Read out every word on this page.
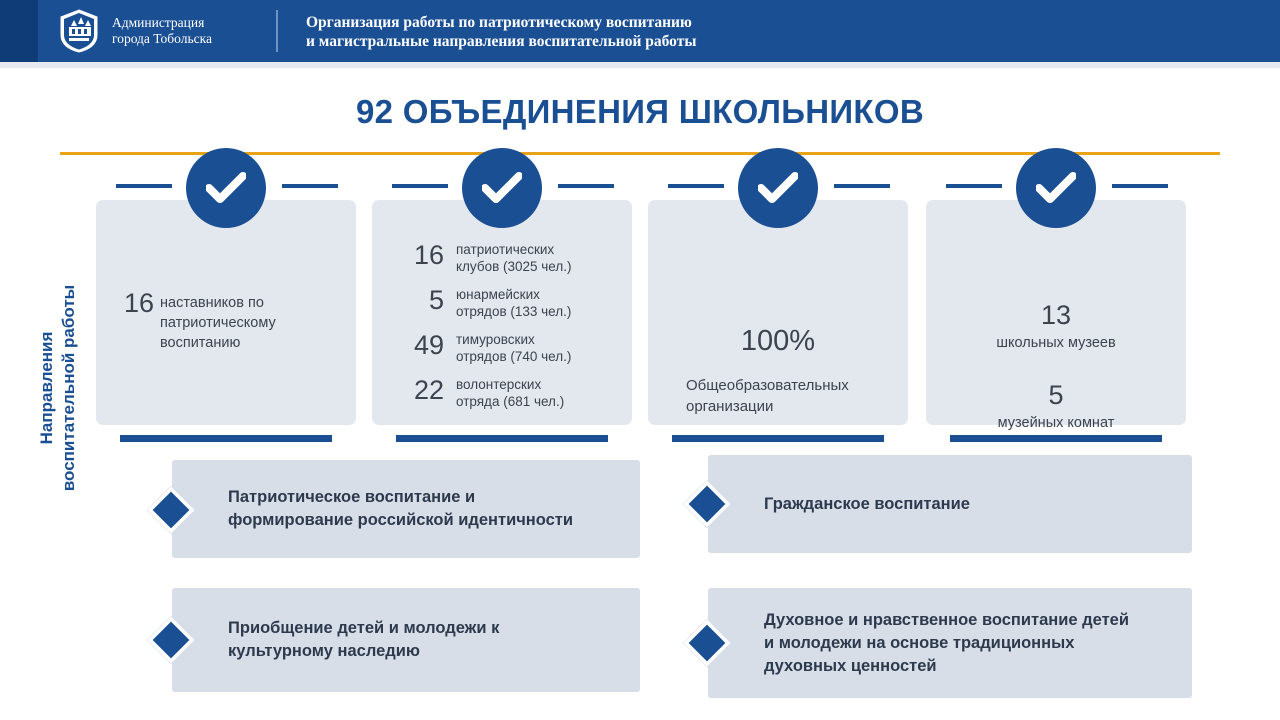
Администрация
города Тобольска
Организация работы по патриотическому воспитанию
и магистральные направления воспитательной работы
92 ОБЪЕДИНЕНИЯ ШКОЛЬНИКОВ
16 наставников по патриотическому воспитанию
16 патриотических
клубов (3025 чел.)
5 юнармейских
отрядов (133 чел.)
49 тимуровских
отрядов (740 чел.)
22 волонтерских
отряда (681 чел.)
100%
Общеобразовательных организации
13
школьных музеев
5
музейных комнат
Направления воспитательной работы
Патриотическое воспитание и
формирование российской идентичности
Гражданское воспитание
Приобщение детей и молодежи к
культурному наследию
Духовное и нравственное воспитание детей
и молодежи на основе традиционных
духовных ценностей
